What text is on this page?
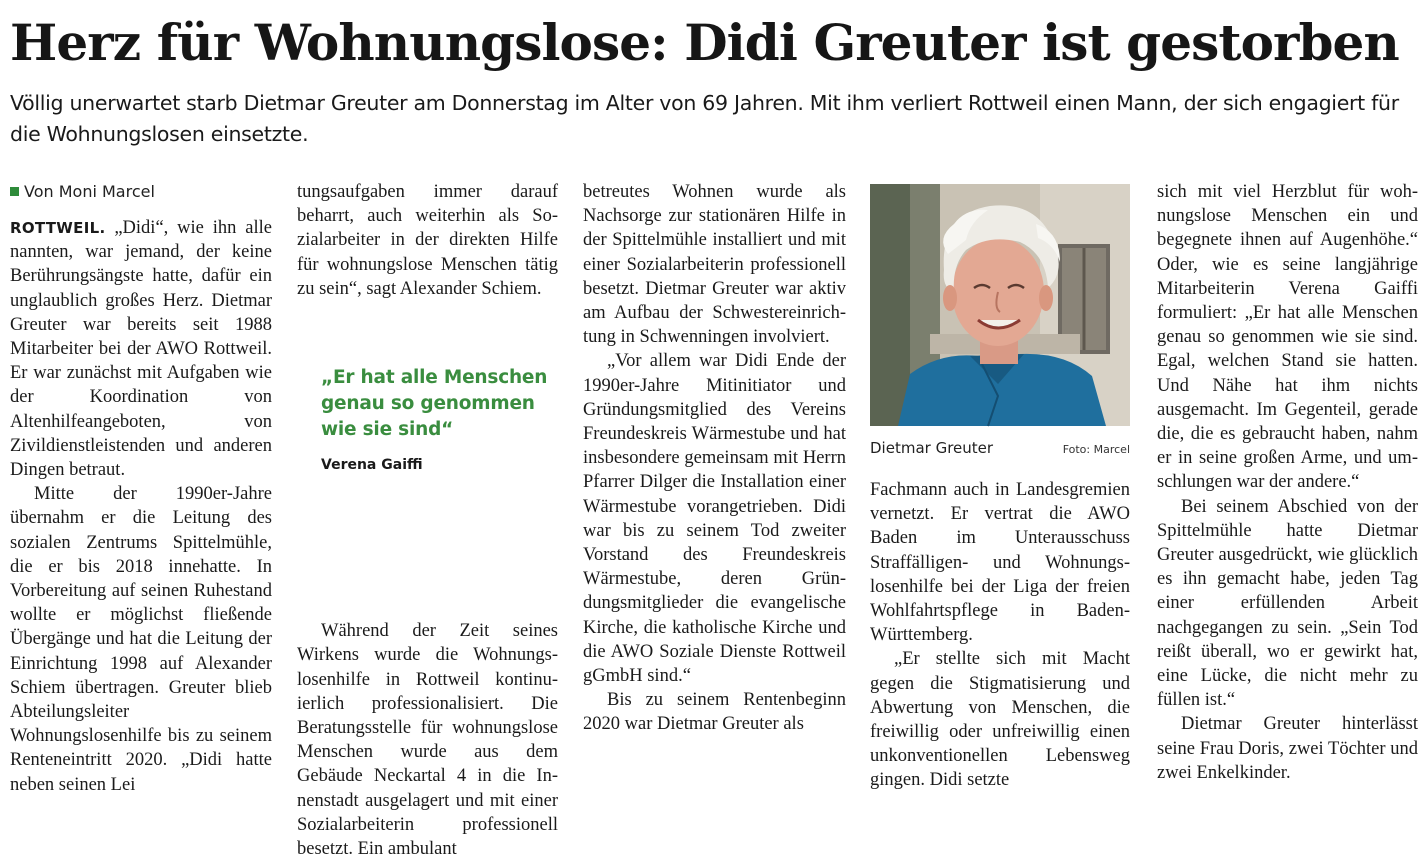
Herz für Wohnungslose: Didi Greuter ist gestorben
Völlig unerwartet starb Dietmar Greuter am Donnerstag im Alter von 69 Jahren. Mit ihm verliert Rottweil einen Mann, der sich engagiert für die Wohnungslosen einsetzte.
Von Moni Marcel

ROTTWEIL. „Didi“, wie ihn alle nannten, war jemand, der keine Berührungsängste hatte, dafür ein unglaublich großes Herz. Dietmar Greuter war bereits seit 1988 Mitarbeiter bei der AWO Rottweil. Er war zunächst mit Aufgaben wie der Koordination von Altenhilfeangeboten, von Zivildienstleistenden und anderen Dingen betraut.

Mitte der 1990er-Jahre übernahm er die Leitung des sozialen Zentrums Spittelmühle, die er bis 2018 innehatte. In Vorbereitung auf seinen Ruhestand wollte er möglichst fließende Übergänge und hat die Leitung der Einrichtung 1998 auf Alexander Schiem übertragen. Greuter blieb Abteilungsleiter Wohnungslosenhilfe bis zu seinem Renteneintritt 2020. „Didi hatte neben seinen Lei

tungsaufgaben immer darauf beharrt, auch weiterhin als Sozialarbeiter in der direkten Hilfe für wohnungslose Menschen tätig zu sein“, sagt Alexander Schiem.

„Er hat alle Menschen genau so genommen wie sie sind“
Verena Gaiffi

Während der Zeit seines Wirkens wurde die Wohnungslosenhilfe in Rottweil kontinuierlich professionalisiert. Die Beratungsstelle für wohnungslose Menschen wurde aus dem Gebäude Neckartal 4 in die Innenstadt ausgelagert und mit einer Sozialarbeiterin professionell besetzt. Ein ambulant

betreutes Wohnen wurde als Nachsorge zur stationären Hilfe in der Spittelmühle installiert und mit einer Sozialarbeiterin professionell besetzt. Dietmar Greuter war aktiv am Aufbau der Schwestereinrichtung in Schwenningen involviert.

„Vor allem war Didi Ende der 1990er-Jahre Mitinitiator und Gründungsmitglied des Vereins Freundeskreis Wärmestube und hat insbesondere gemeinsam mit Herrn Pfarrer Dilger die Installation einer Wärmestube vorangetrieben. Didi war bis zu seinem Tod zweiter Vorstand des Freundeskreis Wärmestube, deren Gründungsmitglieder die evangelische Kirche, die katholische Kirche und die AWO Soziale Dienste Rottweil gGmbH sind.“

Bis zu seinem Rentenbeginn 2020 war Dietmar Greuter als

Dietmar Greuter	Foto: Marcel

Fachmann auch in Landesgremien vernetzt. Er vertrat die AWO Baden im Unterausschuss Straffälligen- und Wohnungslosenhilfe bei der Liga der freien Wohlfahrtspflege in Baden-Württemberg.

„Er stellte sich mit Macht gegen die Stigmatisierung und Abwertung von Menschen, die freiwillig oder unfreiwillig einen unkonventionellen Lebensweg gingen. Didi setzte

sich mit viel Herzblut für wohnungslose Menschen ein und begegnete ihnen auf Augenhöhe.“ Oder, wie es seine langjährige Mitarbeiterin Verena Gaiffi formuliert: „Er hat alle Menschen genau so genommen wie sie sind. Egal, welchen Stand sie hatten. Und Nähe hat ihm nichts ausgemacht. Im Gegenteil, gerade die, die es gebraucht haben, nahm er in seine großen Arme, und umschlungen war der andere.“

Bei seinem Abschied von der Spittelmühle hatte Dietmar Greuter ausgedrückt, wie glücklich es ihn gemacht habe, jeden Tag einer erfüllenden Arbeit nachgegangen zu sein. „Sein Tod reißt überall, wo er gewirkt hat, eine Lücke, die nicht mehr zu füllen ist.“

Dietmar Greuter hinterlässt seine Frau Doris, zwei Töchter und zwei Enkelkinder.
